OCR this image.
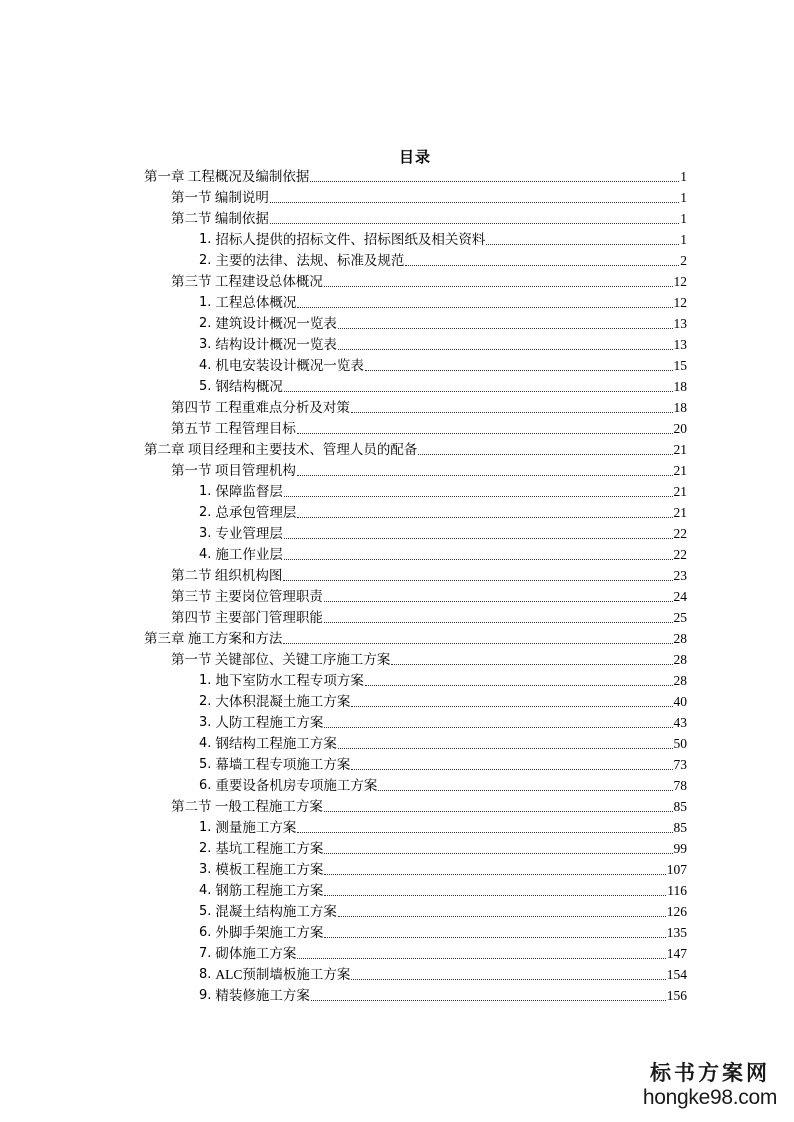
目录
第一章 工程概况及编制依据	1
第一节 编制说明	1
第二节 编制依据	1
1. 招标人提供的招标文件、招标图纸及相关资料	1
2. 主要的法律、法规、标准及规范	2
第三节 工程建设总体概况	12
1. 工程总体概况	12
2. 建筑设计概况一览表	13
3. 结构设计概况一览表	13
4. 机电安装设计概况一览表	15
5. 钢结构概况	18
第四节 工程重难点分析及对策	18
第五节 工程管理目标	20
第二章 项目经理和主要技术、管理人员的配备	21
第一节 项目管理机构	21
1. 保障监督层	21
2. 总承包管理层	21
3. 专业管理层	22
4. 施工作业层	22
第二节 组织机构图	23
第三节 主要岗位管理职责	24
第四节 主要部门管理职能	25
第三章 施工方案和方法	28
第一节 关键部位、关键工序施工方案	28
1. 地下室防水工程专项方案	28
2. 大体积混凝土施工方案	40
3. 人防工程施工方案	43
4. 钢结构工程施工方案	50
5. 幕墙工程专项施工方案	73
6. 重要设备机房专项施工方案	78
第二节 一般工程施工方案	85
1. 测量施工方案	85
2. 基坑工程施工方案	99
3. 模板工程施工方案	107
4. 钢筋工程施工方案	116
5. 混凝土结构施工方案	126
6. 外脚手架施工方案	135
7. 砌体施工方案	147
8. ALC预制墙板施工方案	154
9. 精装修施工方案	156
标书方案网
hongke98.com
